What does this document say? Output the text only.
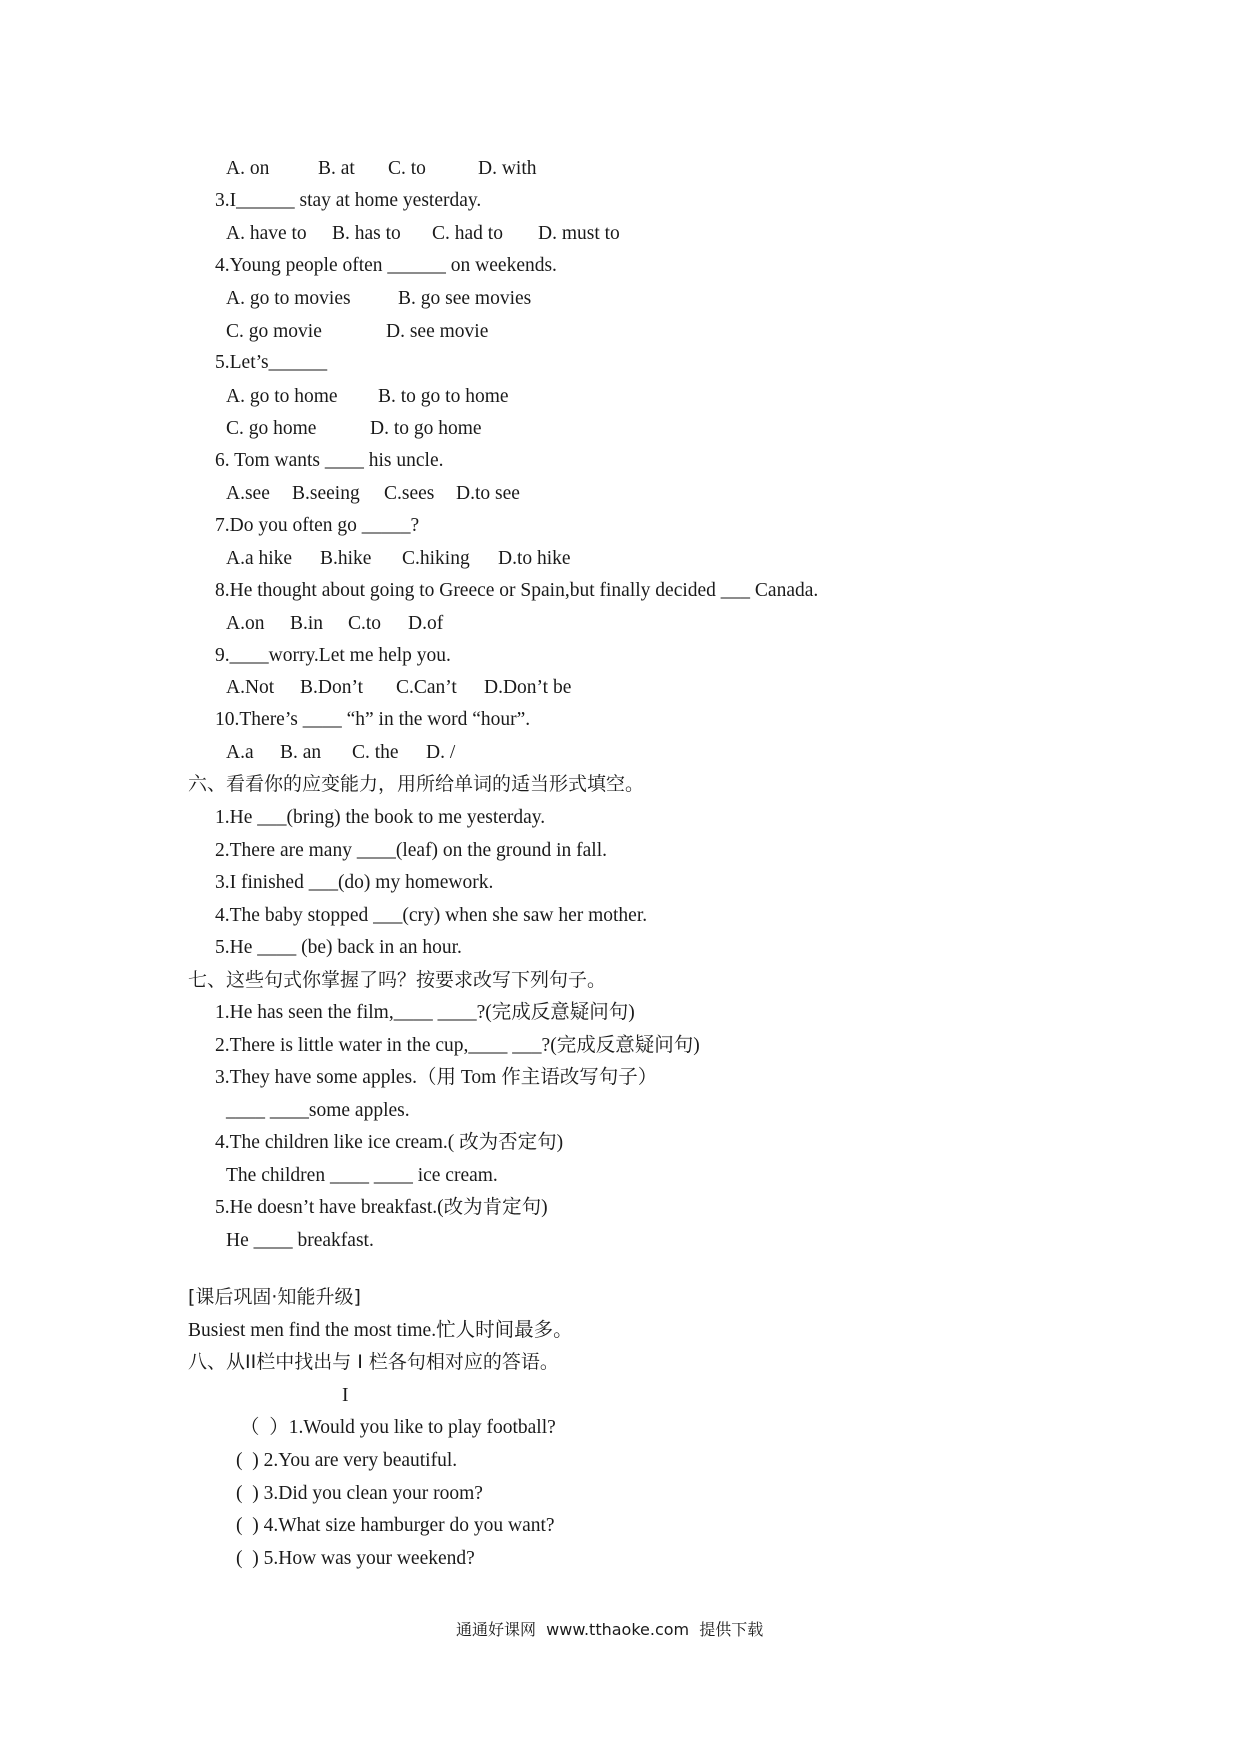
A. on B. at C. to	D. with
3.I______ stay at home yesterday.
A. have to B. has to C. had to D. must to
4.Young people often ______ on weekends.
A. go to movies B. go see movies
C. go movie	D. see movie
5.Let’s______
A. go to home B. to go to home
C. go home	D. to go home
6. Tom wants ____ his uncle.
A.see B.seeing C.sees D.to see
7.Do you often go _____?
A.a hike B.hike C.hiking D.to hike
8.He thought about going to Greece or Spain,but finally decided ___ Canada.
A.on B.in C.to D.of
9.____worry.Let me help you.
A.Not B.Don’t C.Can’t D.Don’t be
10.There’s ____ “h” in the word “hour”.
A.a B. an C. the D. /
六、看看你的应变能力，用所给单词的适当形式填空。
1.He ___(bring) the book to me yesterday.
2.There are many ____(leaf) on the ground in fall.
3.I finished ___(do) my homework.
4.The baby stopped ___(cry) when she saw her mother.
5.He ____ (be) back in an hour.
七、这些句式你掌握了吗？按要求改写下列句子。
1.He has seen the film,____ ____?(完成反意疑问句)
2.There is little water in the cup,____ ___?(完成反意疑问句)
3.They have some apples.（用 Tom 作主语改写句子）
____ ____some apples.
4.The children like ice cream.( 改为否定句)
The children ____ ____ ice cream.
5.He doesn’t have breakfast.(改为肯定句)
He ____ breakfast.
[课后巩固·知能升级]
Busiest men find the most time.忙人时间最多。
八、从II栏中找出与 I 栏各句相对应的答语。
I
（  ）1.Would you like to play football?
(  ) 2.You are very beautiful.
(  ) 3.Did you clean your room?
(  ) 4.What size hamburger do you want?
(  ) 5.How was your weekend?
通通好课网  www.tthaoke.com  提供下载
